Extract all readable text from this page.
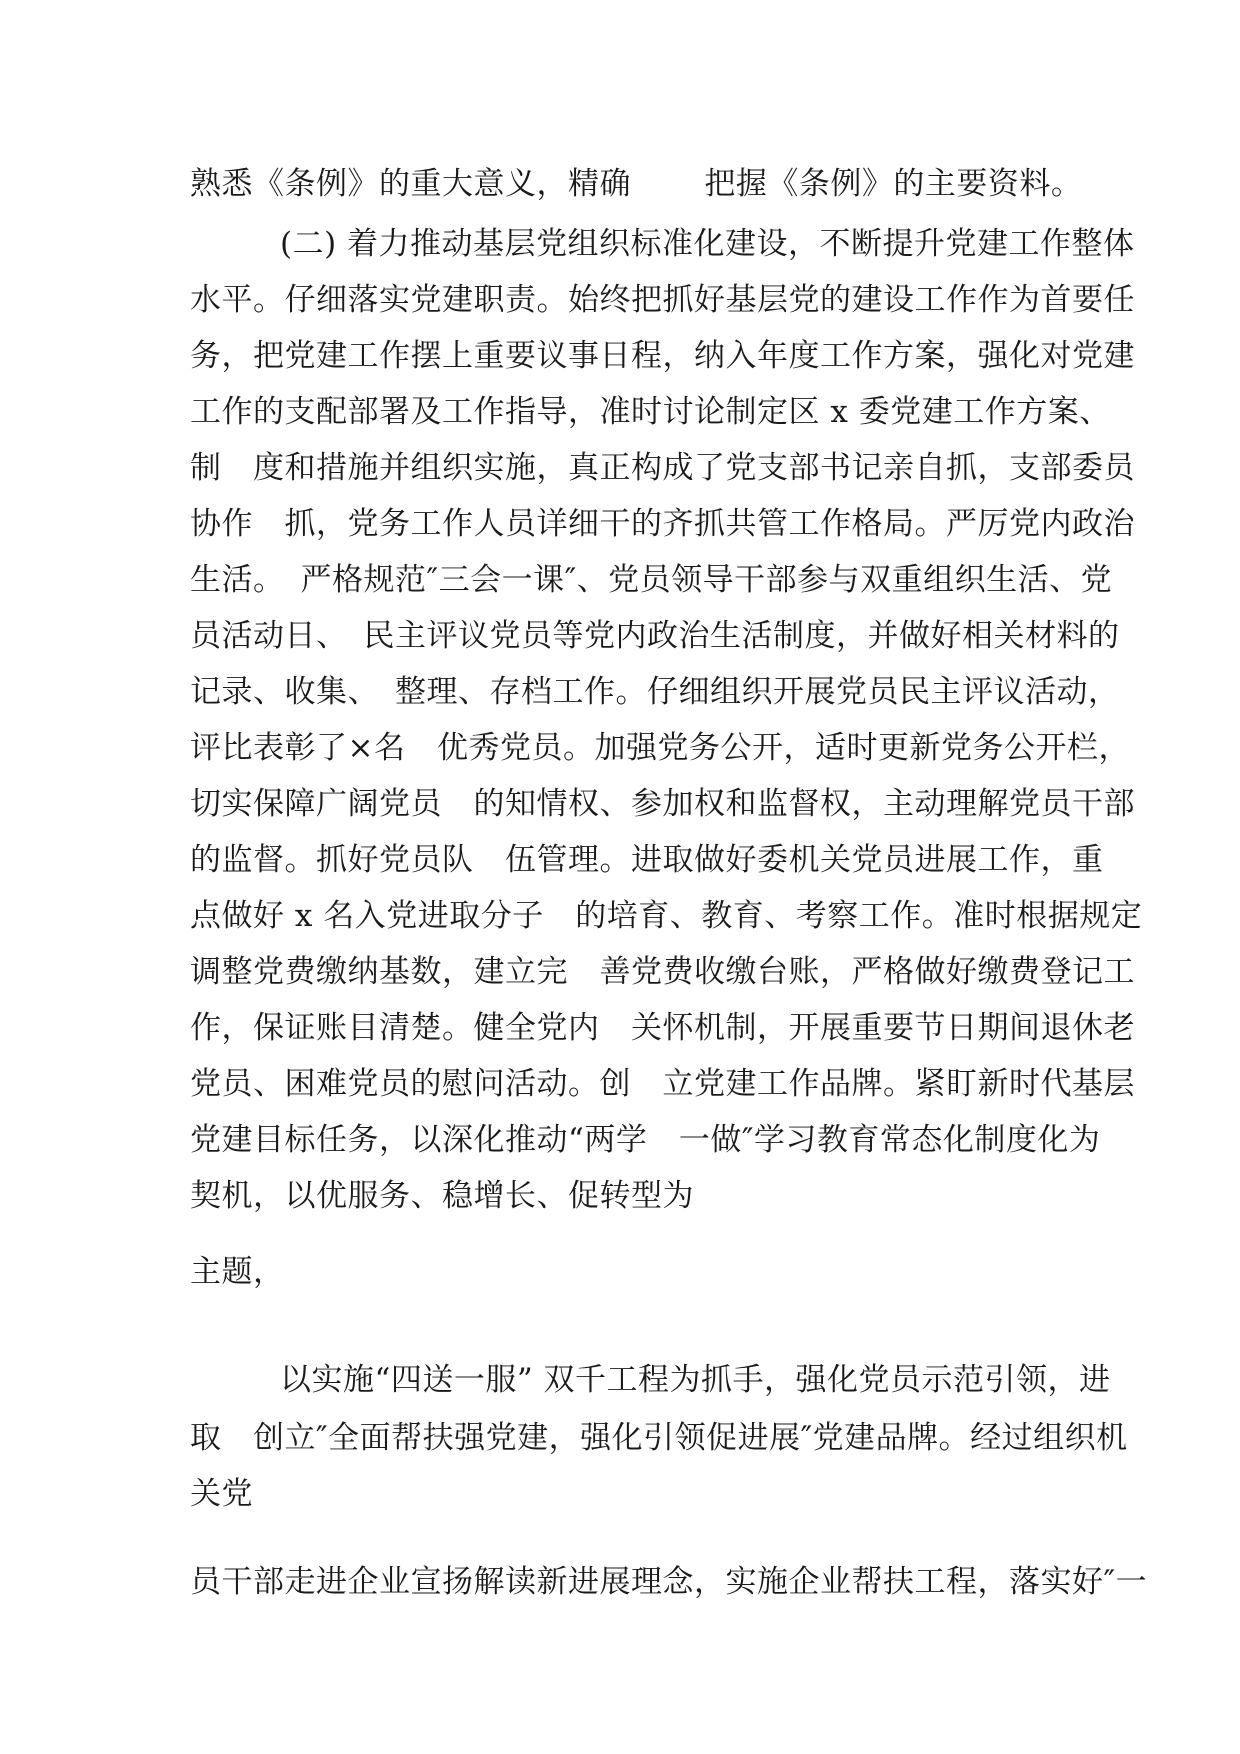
熟悉《条例》的重大意义，精确　　 把握《条例》的主要资料。
(二) 着力推动基层党组织标准化建设，不断提升党建工作整体
水平。仔细落实党建职责。始终把抓好基层党的建设工作作为首要任
务，把党建工作摆上重要议事日程，纳入年度工作方案，强化对党建
工作的支配部署及工作指导，准时讨论制定区 x 委党建工作方案、
制　度和措施并组织实施，真正构成了党支部书记亲自抓，支部委员
协作　抓，党务工作人员详细干的齐抓共管工作格局。严厉党内政治
生活。　严格规范″三会一课″、党员领导干部参与双重组织生活、党
员活动日、　民主评议党员等党内政治生活制度，并做好相关材料的
记录、收集、　整理、存档工作。仔细组织开展党员民主评议活动，
评比表彰了×名　优秀党员。加强党务公开，适时更新党务公开栏，
切实保障广阔党员　的知情权、参加权和监督权，主动理解党员干部
的监督。抓好党员队　伍管理。进取做好委机关党员进展工作，重
点做好 x 名入党进取分子　的培育、教育、考察工作。准时根据规定
调整党费缴纳基数，建立完　善党费收缴台账，严格做好缴费登记工
作，保证账目清楚。健全党内　关怀机制，开展重要节日期间退休老
党员、困难党员的慰问活动。创　立党建工作品牌。紧盯新时代基层
党建目标任务，以深化推动“两学　一做″学习教育常态化制度化为
契机，以优服务、稳增长、促转型为
主题，
以实施“四送一服” 双千工程为抓手，强化党员示范引领，进
取　创立″全面帮扶强党建，强化引领促进展″党建品牌。经过组织机
关党
员干部走进企业宣扬解读新进展理念，实施企业帮扶工程，落实好″一
